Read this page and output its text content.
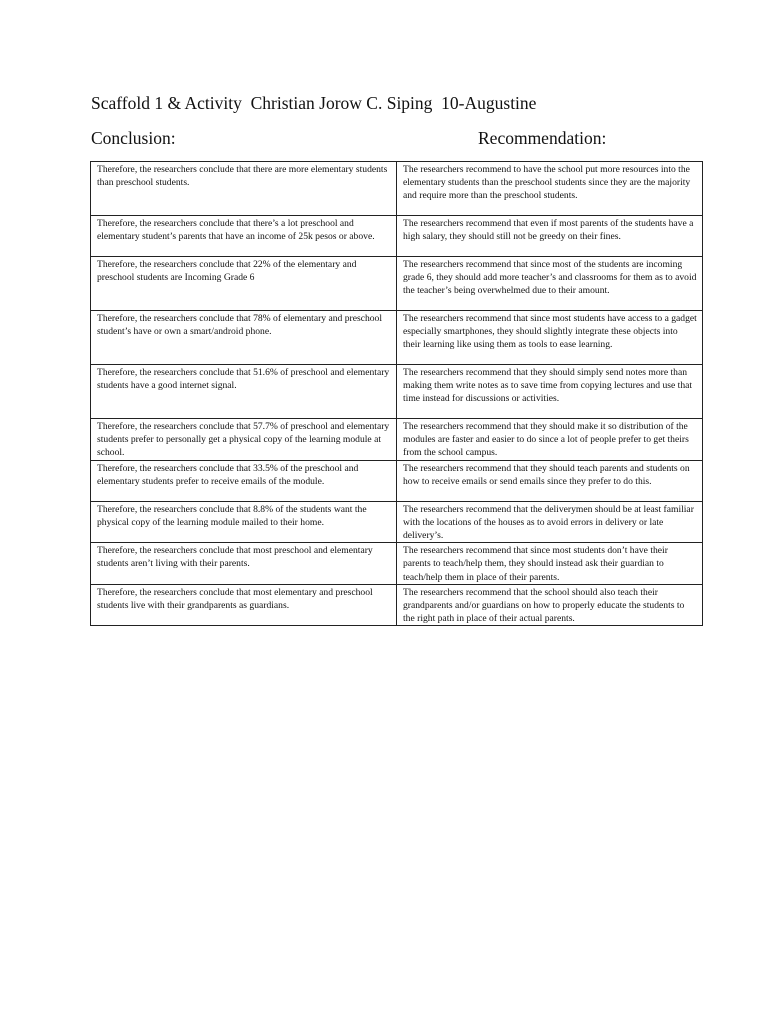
Scaffold 1 & Activity  Christian Jorow C. Siping  10-Augustine
Conclusion:	Recommendation:
Therefore, the researchers conclude that there are more elementary students than preschool students.	The researchers recommend to have the school put more resources into the elementary students than the preschool students since they are the majority and require more than the preschool students.
Therefore, the researchers conclude that there’s a lot preschool and elementary student’s parents that have an income of 25k pesos or above.	The researchers recommend that even if most parents of the students have a high salary, they should still not be greedy on their fines.
Therefore, the researchers conclude that 22% of the elementary and preschool students are Incoming Grade 6	The researchers recommend that since most of the students are incoming grade 6, they should add more teacher’s and classrooms for them as to avoid the teacher’s being overwhelmed due to their amount.
Therefore, the researchers conclude that 78% of elementary and preschool student’s have or own a smart/android phone.	The researchers recommend that since most students have access to a gadget especially smartphones, they should slightly integrate these objects into their learning like using them as tools to ease learning.
Therefore, the researchers conclude that 51.6% of preschool and elementary students have a good internet signal.	The researchers recommend that they should simply send notes more than making them write notes as to save time from copying lectures and use that time instead for discussions or activities.
Therefore, the researchers conclude that 57.7% of preschool and elementary students prefer to personally get a physical copy of the learning module at school.	The researchers recommend that they should make it so distribution of the modules are faster and easier to do since a lot of people prefer to get theirs from the school campus.
Therefore, the researchers conclude that 33.5% of the preschool and elementary students prefer to receive emails of the module.	The researchers recommend that they should teach parents and students on how to receive emails or send emails since they prefer to do this.
Therefore, the researchers conclude that 8.8% of the students want the physical copy of the learning module mailed to their home.	The researchers recommend that the deliverymen should be at least familiar with the locations of the houses as to avoid errors in delivery or late delivery’s.
Therefore, the researchers conclude that most preschool and elementary students aren’t living with their parents.	The researchers recommend that since most students don’t have their parents to teach/help them, they should instead ask their guardian to teach/help them in place of their parents.
Therefore, the researchers conclude that most elementary and preschool students live with their grandparents as guardians.	The researchers recommend that the school should also teach their grandparents and/or guardians on how to properly educate the students to the right path in place of their actual parents.
